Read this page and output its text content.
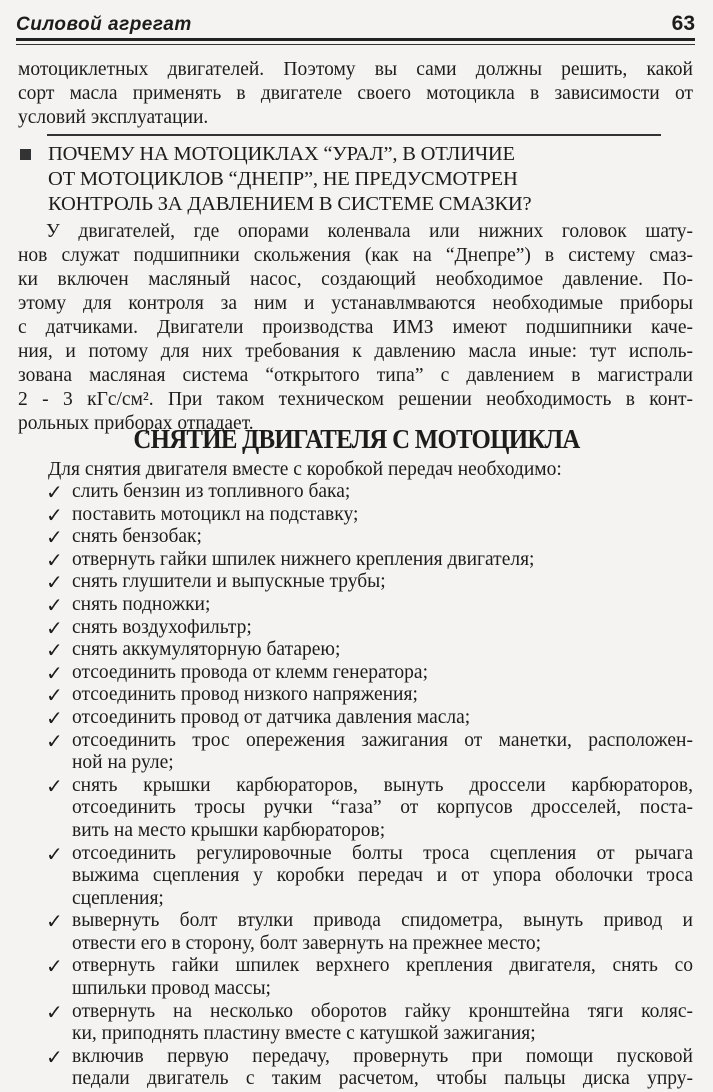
Силовой агрегат	63
мотоциклетных двигателей. Поэтому вы сами должны решить, какой
сорт масла применять в двигателе своего мотоцикла в зависимости от
условий эксплуатации.
ПОЧЕМУ НА МОТОЦИКЛАХ “УРАЛ”, В ОТЛИЧИЕ
ОТ МОТОЦИКЛОВ “ДНЕПР”, НЕ ПРЕДУСМОТРЕН
КОНТРОЛЬ ЗА ДАВЛЕНИЕМ В СИСТЕМЕ СМАЗКИ?
У двигателей, где опорами коленвала или нижних головок шату-
нов служат подшипники скольжения (как на “Днепре”) в систему смаз-
ки включен масляный насос, создающий необходимое давление. По-
этому для контроля за ним и устанавлмваются необходимые приборы
с датчиками. Двигатели производства ИМЗ имеют подшипники каче-
ния, и потому для них требования к давлению масла иные: тут исполь-
зована масляная система “открытого типа” с давлением в магистрали
2 - 3 кГс/см². При таком техническом решении необходимость в конт-
рольных приборах отпадает.
СНЯТИЕ ДВИГАТЕЛЯ С МОТОЦИКЛА
Для снятия двигателя вместе с коробкой передач необходимо:
✓ слить бензин из топливного бака;
✓ поставить мотоцикл на подставку;
✓ снять бензобак;
✓ отвернуть гайки шпилек нижнего крепления двигателя;
✓ снять глушители и выпускные трубы;
✓ снять подножки;
✓ снять воздухофильтр;
✓ снять аккумуляторную батарею;
✓ отсоединить провода от клемм генератора;
✓ отсоединить провод низкого напряжения;
✓ отсоединить провод от датчика давления масла;
✓ отсоединить трос опережения зажигания от манетки, расположен-
ной на руле;
✓ снять крышки карбюраторов, вынуть дроссели карбюраторов,
отсоединить тросы ручки “газа” от корпусов дросселей, поста-
вить на место крышки карбюраторов;
✓ отсоединить регулировочные болты троса сцепления от рычага
выжима сцепления у коробки передач и от упора оболочки троса
сцепления;
✓ вывернуть болт втулки привода спидометра, вынуть привод и
отвести его в сторону, болт завернуть на прежнее место;
✓ отвернуть гайки шпилек верхнего крепления двигателя, снять со
шпильки провод массы;
✓ отвернуть на несколько оборотов гайку кронштейна тяги коляс-
ки, приподнять пластину вместе с катушкой зажигания;
✓ включив первую передачу, провернуть при помощи пусковой
педали двигатель с таким расчетом, чтобы пальцы диска упру-
